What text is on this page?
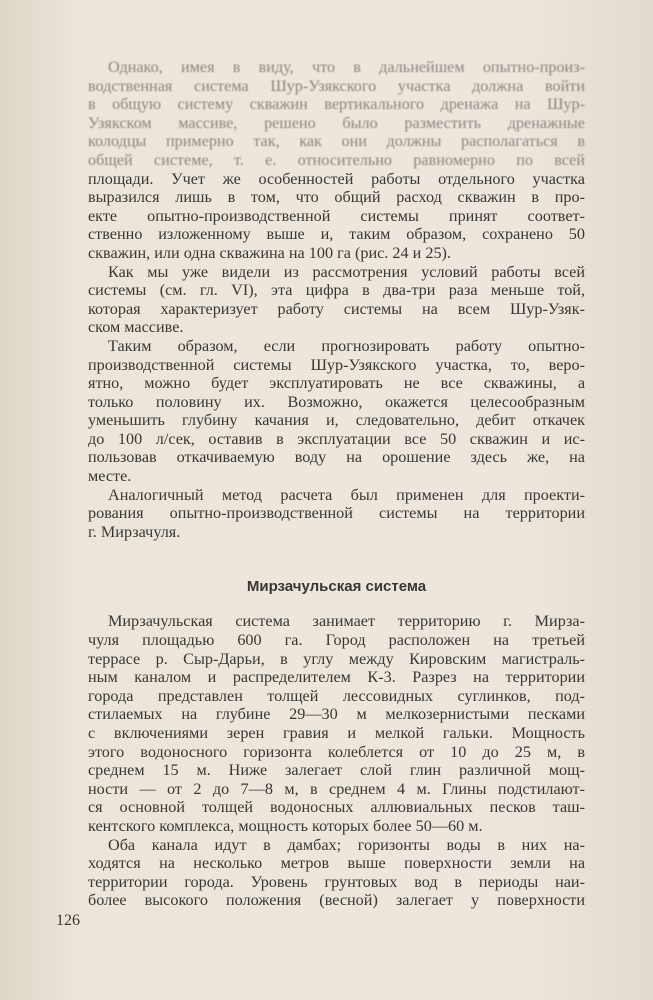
Однако, имея в виду, что в дальнейшем опытно-произ-
водственная система Шур-Узякского участка должна войти
в общую систему скважин вертикального дренажа на Шур-
Узякском массиве, решено было разместить дренажные
колодцы примерно так, как они должны располагаться в
общей системе, т. е. относительно равномерно по всей
площади. Учет же особенностей работы отдельного участка
выразился лишь в том, что общий расход скважин в про-
екте опытно-производственной системы принят соответ-
ственно изложенному выше и, таким образом, сохранено 50
скважин, или одна скважина на 100 га (рис. 24 и 25).
Как мы уже видели из рассмотрения условий работы всей
системы (см. гл. VI), эта цифра в два-три раза меньше той,
которая характеризует работу системы на всем Шур-Узяк-
ском массиве.
Таким образом, если прогнозировать работу опытно-
производственной системы Шур-Узякского участка, то, веро-
ятно, можно будет эксплуатировать не все скважины, а
только половину их. Возможно, окажется целесообразным
уменьшить глубину качания и, следовательно, дебит откачек
до 100 л/сек, оставив в эксплуатации все 50 скважин и ис-
пользовав откачиваемую воду на орошение здесь же, на
месте.
Аналогичный метод расчета был применен для проекти-
рования опытно-производственной системы на территории
г. Мирзачуля.
Мирзачульская система
Мирзачульская система занимает территорию г. Мирза-
чуля площадью 600 га. Город расположен на третьей
террасе р. Сыр-Дарьи, в углу между Кировским магистраль-
ным каналом и распределителем К-3. Разрез на территории
города представлен толщей лессовидных суглинков, под-
стилаемых на глубине 29—30 м мелкозернистыми песками
с включениями зерен гравия и мелкой гальки. Мощность
этого водоносного горизонта колеблется от 10 до 25 м, в
среднем 15 м. Ниже залегает слой глин различной мощ-
ности — от 2 до 7—8 м, в среднем 4 м. Глины подстилают-
ся основной толщей водоносных аллювиальных песков таш-
кентского комплекса, мощность которых более 50—60 м.
Оба канала идут в дамбах; горизонты воды в них на-
ходятся на несколько метров выше поверхности земли на
территории города. Уровень грунтовых вод в периоды наи-
более высокого положения (весной) залегает у поверхности
126
